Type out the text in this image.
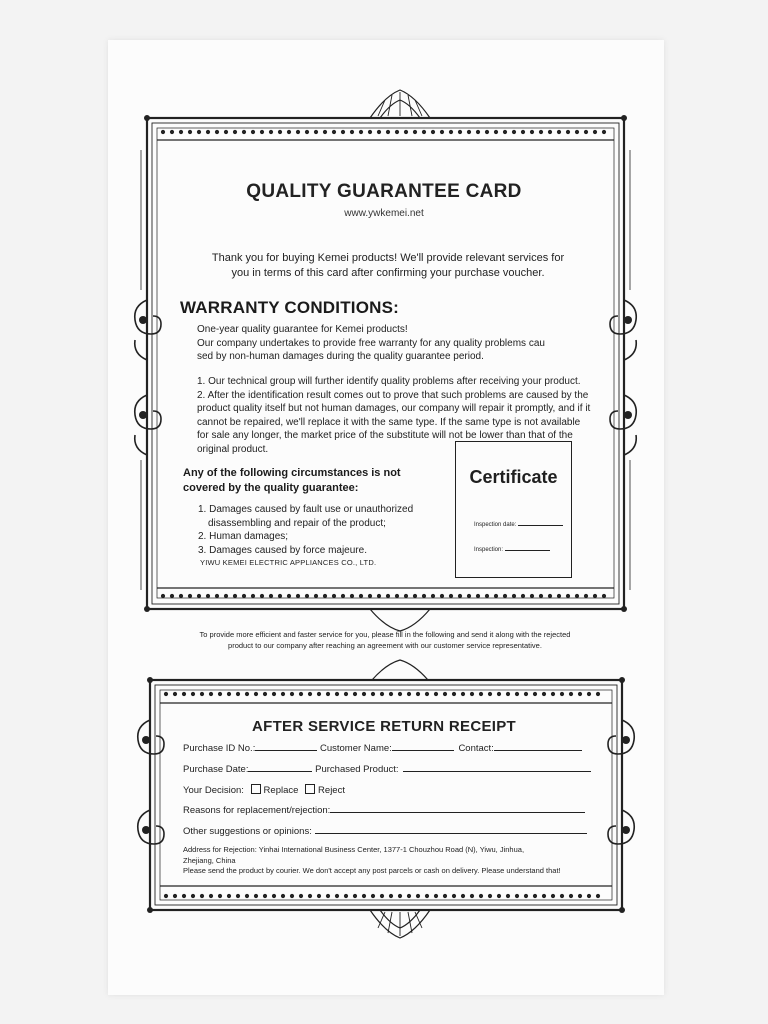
QUALITY GUARANTEE CARD
www.ywkemei.net
Thank you for buying Kemei products! We'll provide relevant services for
you in terms of this card after confirming your purchase voucher.
WARRANTY CONDITIONS:
One-year quality guarantee for Kemei products!
Our company undertakes to provide free warranty for any quality problems cau
sed by non-human damages during the quality guarantee period.
1. Our technical group will further identify quality problems after receiving your product.
2. After the identification result comes out to prove that such problems are caused by the
product quality itself but not human damages, our company will repair it promptly, and if it
cannot be repaired, we'll replace it with the same type. If the same type is not available
for sale any longer, the market price of the substitute will not be lower than that of the
original product.
Any of the following circumstances is not
covered by the quality guarantee:
1. Damages caused by fault use or unauthorized
disassembling and repair of the product;
2. Human damages;
3. Damages caused by force majeure.
YIWU KEMEI ELECTRIC APPLIANCES CO., LTD.
Certificate
Inspection date:
Inspection:
To provide more efficient and faster service for you, please fill in the following and send it along with the rejected
product to our company after reaching an agreement with our customer service representative.
AFTER SERVICE RETURN RECEIPT
Purchase ID No.:	Customer Name:	Contact:
Purchase Date:	Purchased Product:
Your Decision: Replace Reject
Reasons for replacement/rejection:
Other suggestions or opinions:
Address for Rejection: Yinhai International Business Center, 1377-1 Chouzhou Road (N), Yiwu, Jinhua,
Zhejiang, China
Please send the product by courier. We don't accept any post parcels or cash on delivery. Please understand that!
